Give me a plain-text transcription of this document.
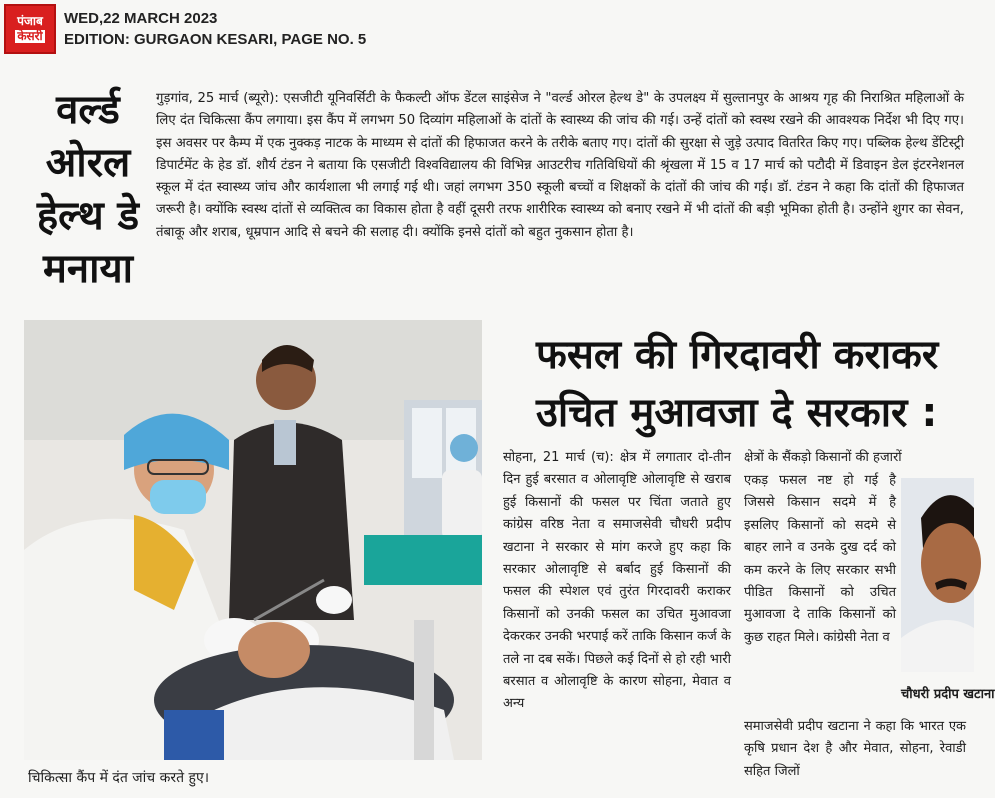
पंजाब
केसरी
WED,22 MARCH 2023
EDITION: GURGAON KESARI, PAGE NO. 5
वर्ल्ड
ओरल
हेल्थ डे
मनाया

गुड़गांव, 25 मार्च (ब्यूरो): एसजीटी यूनिवर्सिटी के फैकल्टी ऑफ डेंटल साइंसेज ने "वर्ल्ड ओरल हेल्थ डे" के उपलक्ष्य में सुल्तानपुर के आश्रय गृह की निराश्रित महिलाओं के लिए दंत चिकित्सा कैंप लगाया। इस कैंप में लगभग 50 दिव्यांग महिलाओं के दांतों के स्वास्थ्य की जांच की गई। उन्हें दांतों को स्वस्थ रखने की आवश्यक निर्देश भी दिए गए। इस अवसर पर कैम्प में एक नुक्कड़ नाटक के माध्यम से दांतों की हिफाजत करने के तरीके बताए गए। दांतों की सुरक्षा से जुड़े उत्पाद वितरित किए गए। पब्लिक हेल्थ डेंटिस्ट्री डिपार्टमेंट के हेड डॉ. शौर्य टंडन ने बताया कि एसजीटी विश्वविद्यालय की विभिन्न आउटरीच गतिविधियों की श्रृंखला में 15 व 17 मार्च को पटौदी में डिवाइन डेल इंटरनेशनल स्कूल में दंत स्वास्थ्य जांच और कार्यशाला भी लगाई गई थी। जहां लगभग 350 स्कूली बच्चों व शिक्षकों के दांतों की जांच की गई। डॉ. टंडन ने कहा कि दांतों की हिफाजत जरूरी है। क्योंकि स्वस्थ दांतों से व्यक्तित्व का विकास होता है वहीं दूसरी तरफ शारीरिक स्वास्थ्य को बनाए रखने में भी दांतों की बड़ी भूमिका होती है। उन्होंने शुगर का सेवन, तंबाकू और शराब, धूम्रपान आदि से बचने की सलाह दी। क्योंकि इनसे दांतों को बहुत नुकसान होता है।

चिकित्सा कैंप में दंत जांच करते हुए।
फसल की गिरदावरी कराकर
उचित मुआवजा दे सरकार :

सोहना, 21 मार्च (च): क्षेत्र में लगातार दो-तीन दिन हुई बरसात व ओलावृष्टि ओलावृष्टि से खराब हुई किसानों की फसल पर चिंता जताते हुए कांग्रेस वरिष्ठ नेता व समाजसेवी चौधरी प्रदीप खटाना ने सरकार से मांग करजे हुए कहा कि सरकार ओलावृष्टि से बर्बाद हुई किसानों की फसल की स्पेशल एवं तुरंत गिरदावरी कराकर किसानों को उनकी फसल का उचित मुआवजा देकरकर उनकी भरपाई करें ताकि किसान कर्ज के तले ना दब सकें। पिछले कई दिनों से हो रही भारी बरसात व ओलावृष्टि के कारण सोहना, मेवात व अन्य

क्षेत्रों के सैंकड़ो किसानों की हजारों

एकड़ फसल नष्ट हो गई है जिससे किसान सदमे में है इसलिए किसानों को सदमे से बाहर लाने व उनके दुख दर्द को कम करने के लिए सरकार सभी पीडित किसानों को उचित मुआवजा दे ताकि किसानों को कुछ राहत मिले। कांग्रेसी नेता व

समाजसेवी प्रदीप खटाना ने कहा कि भारत एक कृषि प्रधान देश है और मेवात, सोहना, रेवाडी सहित जिलों

चौधरी प्रदीप खटाना
